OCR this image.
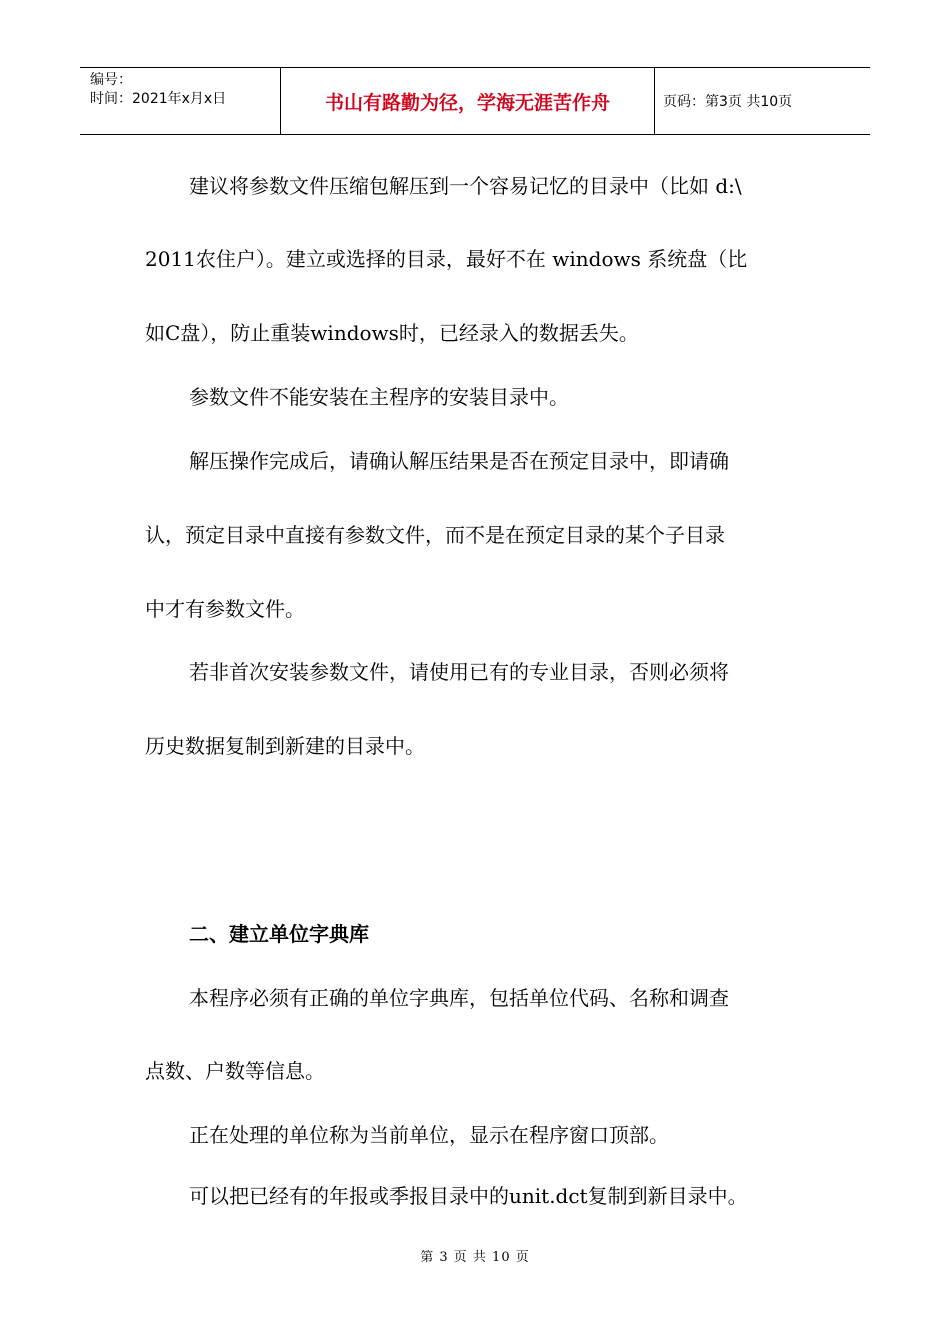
编号：
时间：2021年x月x日	书山有路勤为径，学海无涯苦作舟	页码：第3页 共10页
建议将参数文件压缩包解压到一个容易记忆的目录中（比如 d:\
2011农住户）。建立或选择的目录，最好不在 windows 系统盘（比
如C盘），防止重装windows时，已经录入的数据丢失。
参数文件不能安装在主程序的安装目录中。
解压操作完成后，请确认解压结果是否在预定目录中，即请确
认，预定目录中直接有参数文件，而不是在预定目录的某个子目录
中才有参数文件。
若非首次安装参数文件，请使用已有的专业目录，否则必须将
历史数据复制到新建的目录中。
二、建立单位字典库
本程序必须有正确的单位字典库，包括单位代码、名称和调查
点数、户数等信息。
正在处理的单位称为当前单位，显示在程序窗口顶部。
可以把已经有的年报或季报目录中的unit.dct复制到新目录中。
第 3 页 共 10 页
